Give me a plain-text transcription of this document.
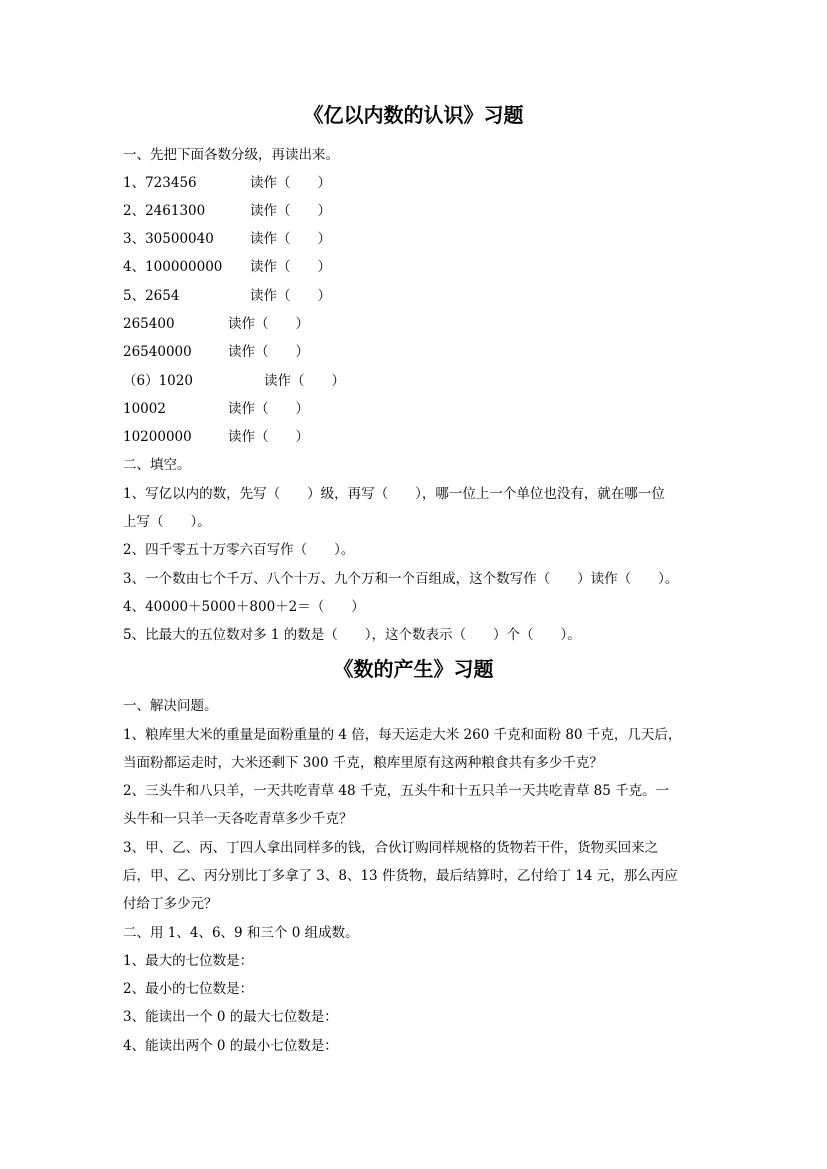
《亿以内数的认识》习题
一、先把下面各数分级，再读出来。
1、723456	读作（　　）
2、2461300	读作（　　）
3、30500040	读作（　　）
4、100000000 读作（　　）
5、2654	读作（　　）
265400	读作（　　）
26540000	读作（　　）
（6）1020	读作（　　）
10002	读作（　　）
10200000	读作（　　）
二、填空。
1、写亿以内的数，先写（　　）级，再写（　　），哪一位上一个单位也没有，就在哪一位
上写（　　）。
2、四千零五十万零六百写作（　　）。
3、一个数由七个千万、八个十万、九个万和一个百组成，这个数写作（　　）读作（　　）。
4、40000＋5000＋800＋2＝（　　）
5、比最大的五位数对多 1 的数是（　　），这个数表示（　　）个（　　）。
《数的产生》习题
一、解决问题。
1、粮库里大米的重量是面粉重量的 4 倍，每天运走大米 260 千克和面粉 80 千克，几天后，
当面粉都运走时，大米还剩下 300 千克，粮库里原有这两种粮食共有多少千克？
2、三头牛和八只羊，一天共吃青草 48 千克，五头牛和十五只羊一天共吃青草 85 千克。一
头牛和一只羊一天各吃青草多少千克？
3、甲、乙、丙、丁四人拿出同样多的钱，合伙订购同样规格的货物若干件，货物买回来之
后，甲、乙、丙分别比丁多拿了 3、8、13 件货物，最后结算时，乙付给丁 14 元，那么丙应
付给丁多少元？
二、用 1、4、6、9 和三个 0 组成数。
1、最大的七位数是：
2、最小的七位数是：
3、能读出一个 0 的最大七位数是：
4、能读出两个 0 的最小七位数是：
